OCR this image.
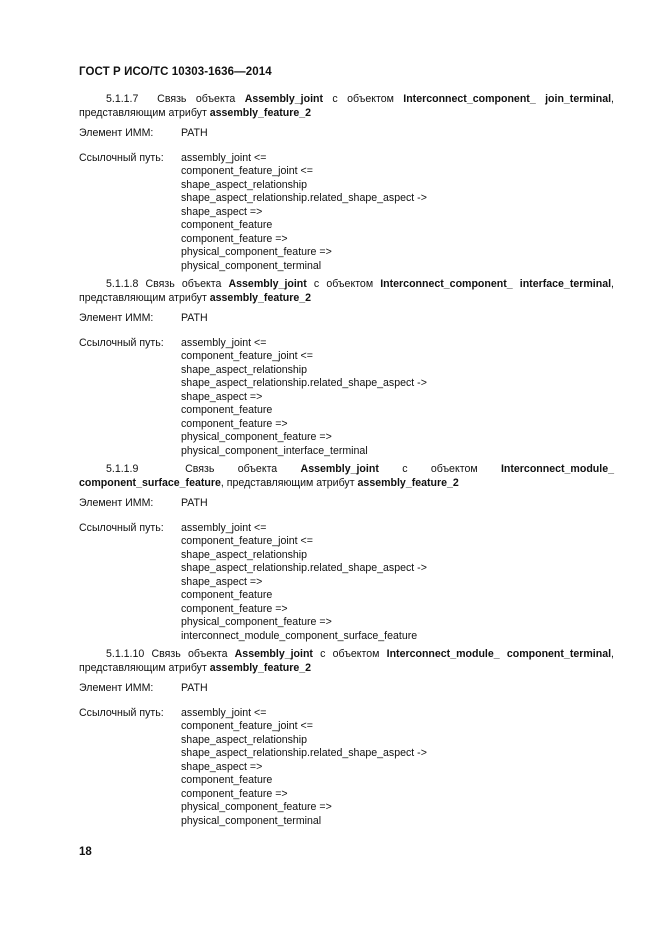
ГОСТ Р ИСО/ТС 10303-1636—2014
5.1.1.7 Связь объекта Assembly_joint с объектом Interconnect_component_ join_terminal, представляющим атрибут assembly_feature_2
Элемент ИММ:	PATH
Ссылочный путь:	assembly_joint <=
component_feature_joint <=
shape_aspect_relationship
shape_aspect_relationship.related_shape_aspect ->
shape_aspect =>
component_feature
component_feature =>
physical_component_feature =>
physical_component_terminal
5.1.1.8 Связь объекта Assembly_joint с объектом Interconnect_component_ interface_terminal, представляющим атрибут assembly_feature_2
Элемент ИММ:	PATH
Ссылочный путь:	assembly_joint <=
component_feature_joint <=
shape_aspect_relationship
shape_aspect_relationship.related_shape_aspect ->
shape_aspect =>
component_feature
component_feature =>
physical_component_feature =>
physical_component_interface_terminal
5.1.1.9	Связь объекта Assembly_joint с объектом Interconnect_module_ component_surface_feature, представляющим атрибут assembly_feature_2
Элемент ИММ:	PATH
Ссылочный путь:	assembly_joint <=
component_feature_joint <=
shape_aspect_relationship
shape_aspect_relationship.related_shape_aspect ->
shape_aspect =>
component_feature
component_feature =>
physical_component_feature =>
interconnect_module_component_surface_feature
5.1.1.10 Связь объекта Assembly_joint с объектом Interconnect_module_ component_terminal, представляющим атрибут assembly_feature_2
Элемент ИММ:	PATH
Ссылочный путь:	assembly_joint <=
component_feature_joint <=
shape_aspect_relationship
shape_aspect_relationship.related_shape_aspect ->
shape_aspect =>
component_feature
component_feature =>
physical_component_feature =>
physical_component_terminal
18
